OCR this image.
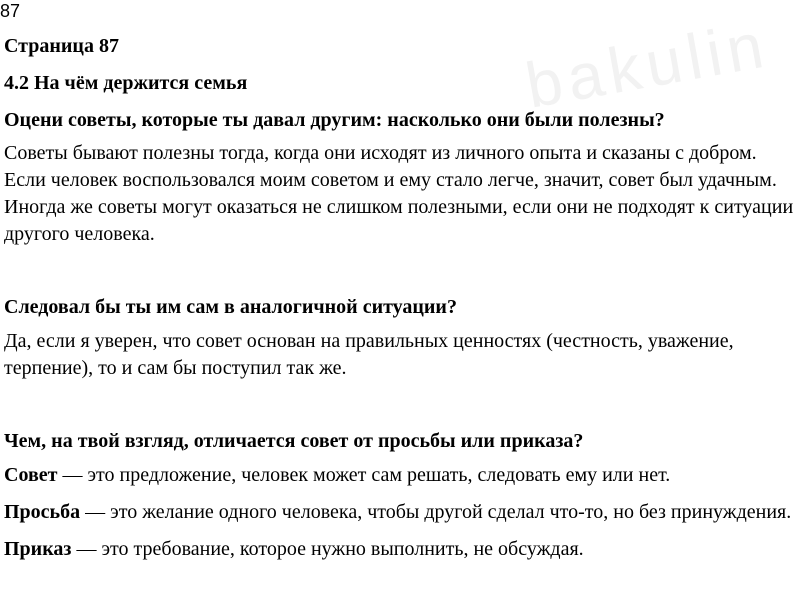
bakulin
87

Страница 87

4.2 На чём держится семья

Оцени советы, которые ты давал другим: насколько они были полезны?

Советы бывают полезны тогда, когда они исходят из личного опыта и сказаны с добром. Если человек воспользовался моим советом и ему стало легче, значит, совет был удачным. Иногда же советы могут оказаться не слишком полезными, если они не подходят к ситуации другого человека.

Следовал бы ты им сам в аналогичной ситуации?

Да, если я уверен, что совет основан на правильных ценностях (честность, уважение, терпение), то и сам бы поступил так же.

Чем, на твой взгляд, отличается совет от просьбы или приказа?

Совет — это предложение, человек может сам решать, следовать ему или нет.

Просьба — это желание одного человека, чтобы другой сделал что-то, но без принуждения.

Приказ — это требование, которое нужно выполнить, не обсуждая.
